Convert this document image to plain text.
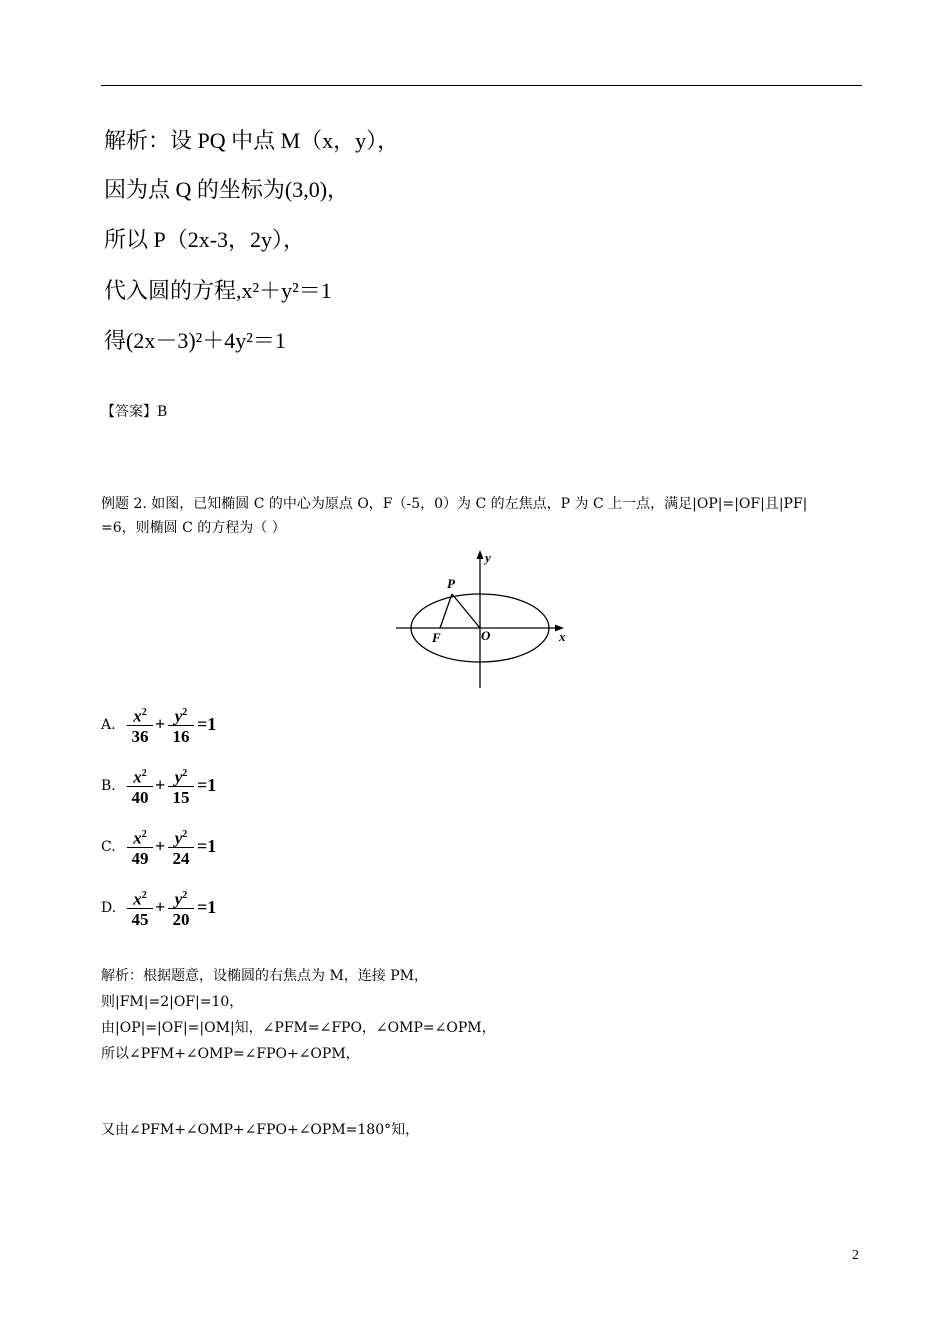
解析：设 PQ 中点 M（x，y），
因为点 Q 的坐标为(3,0)，
所以 P（2x-3，2y），
代入圆的方程,x²＋y²＝1
得(2x－3)²＋4y²＝1
【答案】B
例题 2. 如图，已知椭圆 C 的中心为原点 O，F（-5，0）为 C 的左焦点，P 为 C 上一点，满足|OP|=|OF|且|PF|
=6，则椭圆 C 的方程为（ ）
y
P
F	O	x
A.	$x^2$
36
+ $y^2$
16
=1
B.	$x^2$
40
+ $y^2$
15
=1
C.	$x^2$
49
+ $y^2$
24
=1
D.	$x^2$
45
+ $y^2$
20
=1
解析：根据题意，设椭圆的右焦点为 M，连接 PM，
则|FM|=2|OF|=10，
由|OP|=|OF|=|OM|知，∠PFM=∠FPO，∠OMP=∠OPM，
所以∠PFM+∠OMP=∠FPO+∠OPM，
又由∠PFM+∠OMP+∠FPO+∠OPM=180°知，
2
